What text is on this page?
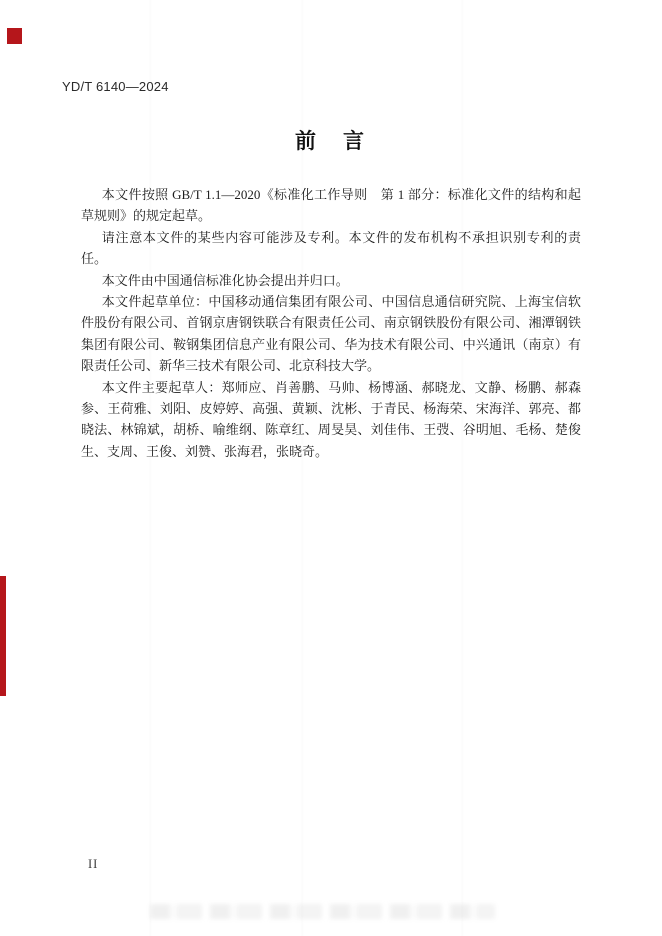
YD/T 6140—2024
前　言

本文件按照 GB/T 1.1—2020《标准化工作导则　第 1 部分：标准化文件的结构和起草规则》的规定起草。

请注意本文件的某些内容可能涉及专利。本文件的发布机构不承担识别专利的责任。

本文件由中国通信标准化协会提出并归口。

本文件起草单位：中国移动通信集团有限公司、中国信息通信研究院、上海宝信软件股份有限公司、首钢京唐钢铁联合有限责任公司、南京钢铁股份有限公司、湘潭钢铁集团有限公司、鞍钢集团信息产业有限公司、华为技术有限公司、中兴通讯（南京）有限责任公司、新华三技术有限公司、北京科技大学。

本文件主要起草人：郑师应、肖善鹏、马帅、杨博涵、郝晓龙、文静、杨鹏、郝森参、王荷雅、刘阳、皮婷婷、高强、黄颖、沈彬、于青民、杨海荣、宋海洋、郭亮、都晓法、林锦斌，胡桥、喻维纲、陈章红、周旻昊、刘佳伟、王弢、谷明旭、毛杨、楚俊生、支周、王俊、刘赞、张海君，张晓奇。

II
